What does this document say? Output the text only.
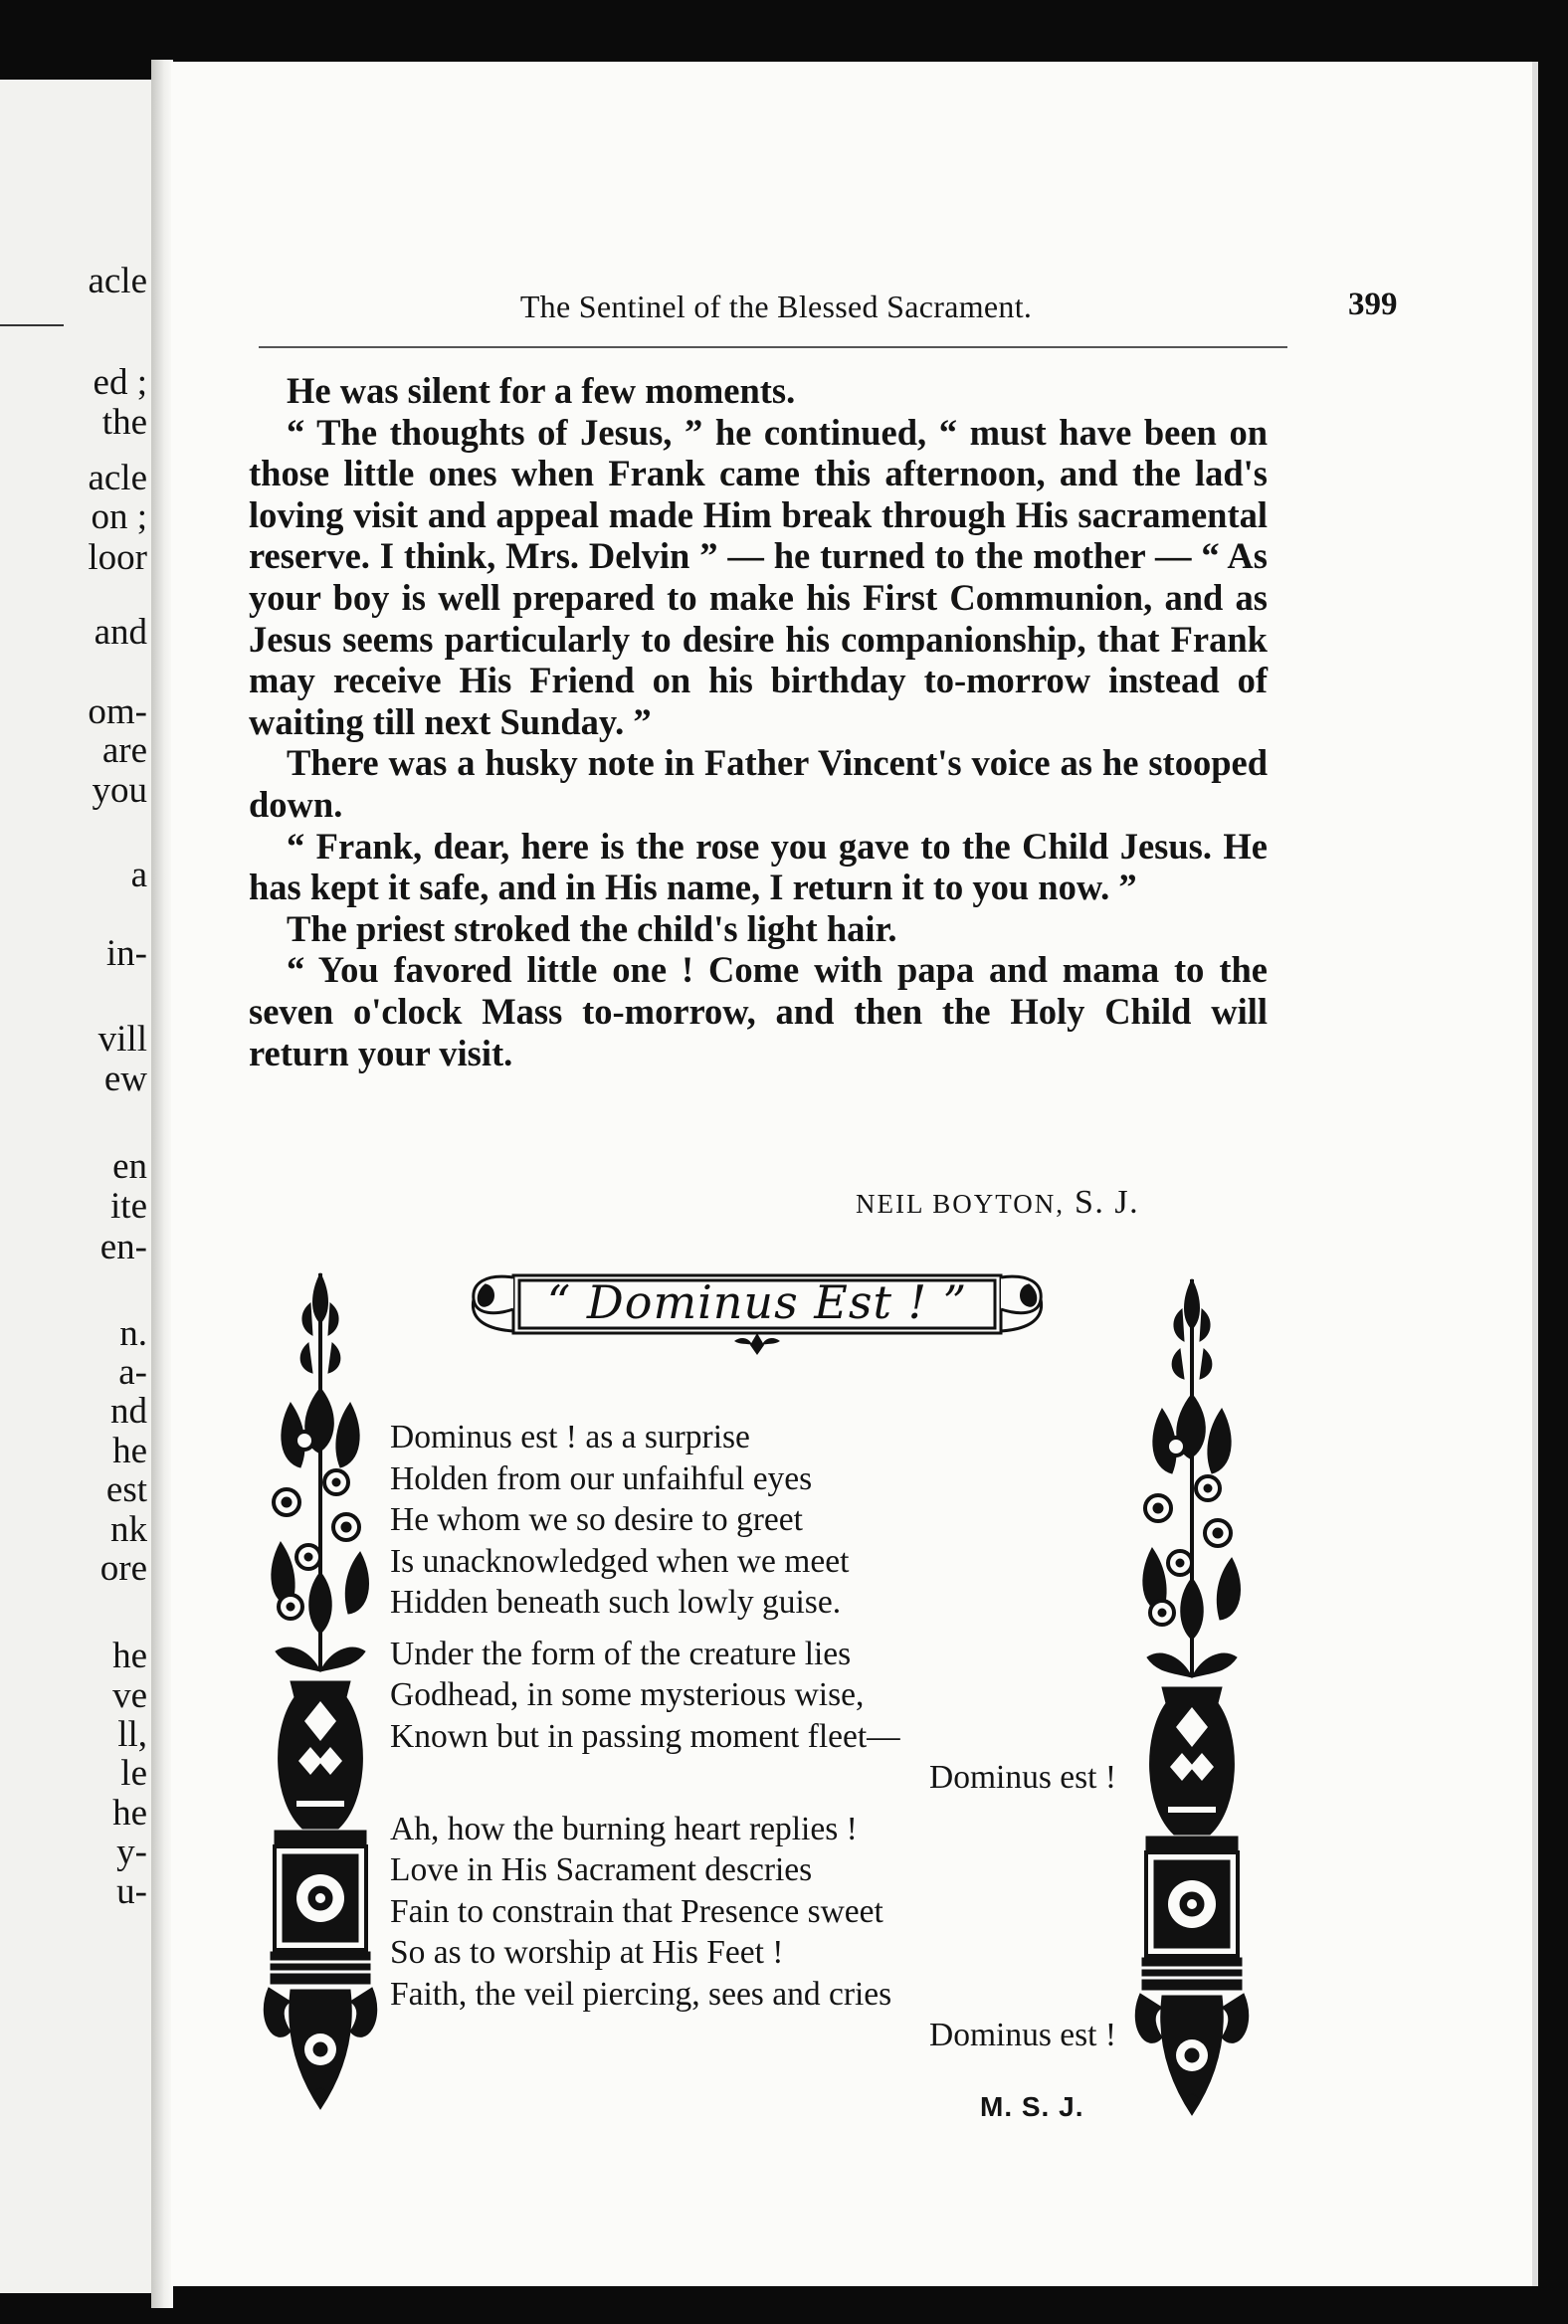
acle
ed ;
the
acle
on ;
loor
and
om-
are
you
a
in-
vill
ew
en
ite
en-
n.
a-
nd
he
est
nk
ore
he
ve
ll,
le
he
y-
u-
The Sentinel of the Blessed Sacrament.	399

He was silent for a few moments.

“ The thoughts of Jesus, ” he continued, “ must have been on those little ones when Frank came this afternoon, and the lad's loving visit and appeal made Him break through His sacramental reserve. I think, Mrs. Delvin ” — he turned to the mother — “ As your boy is well prepared to make his First Communion, and as Jesus seems particularly to desire his companionship, that Frank may receive His Friend on his birthday to-morrow instead of waiting till next Sunday. ”

There was a husky note in Father Vincent's voice as he stooped down.

“ Frank, dear, here is the rose you gave to the Child Jesus. He has kept it safe, and in His name, I return it to you now. ”

The priest stroked the child's light hair.

“ You favored little one ! Come with papa and mama to the seven o'clock Mass to-morrow, and then the Holy Child will return your visit.

NEIL BOYTON, S. J.
“ Dominus Est ! ”
Dominus est ! as a surprise
Holden from our unfaihful eyes
He whom we so desire to greet
Is unacknowledged when we meet
Hidden beneath such lowly guise.
Under the form of the creature lies
Godhead, in some mysterious wise,
Known but in passing moment fleet—
Dominus est !
Ah, how the burning heart replies !
Love in His Sacrament descries
Fain to constrain that Presence sweet
So as to worship at His Feet !
Faith, the veil piercing, sees and cries
Dominus est !
M. S. J.
